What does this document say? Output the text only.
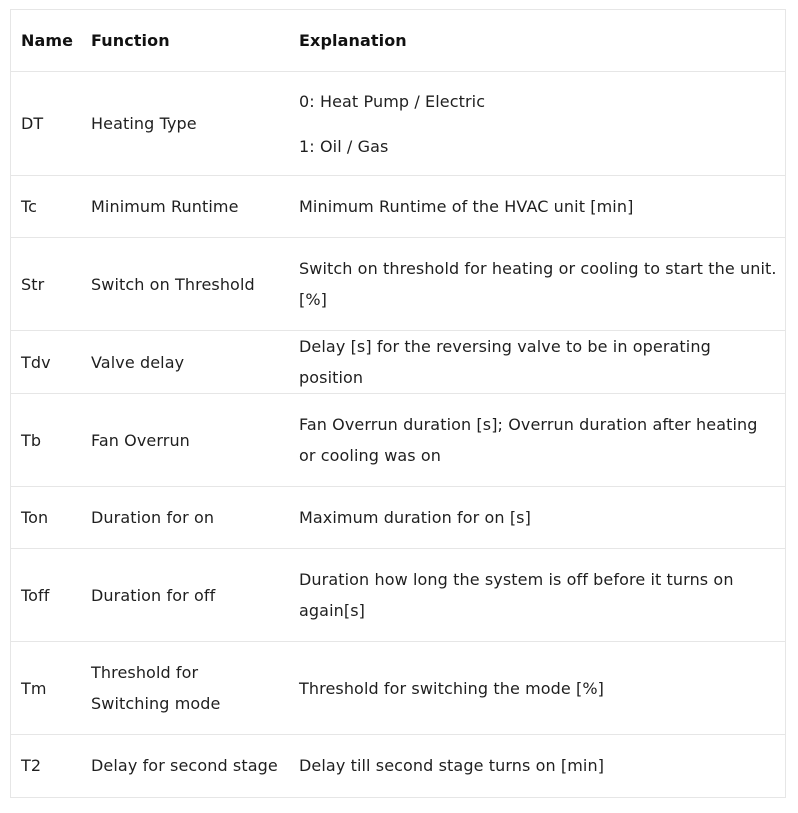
Name	Function	Explanation
DT	Heating Type	0: Heat Pump / Electric
1: Oil / Gas

Tc	Minimum Runtime	Minimum Runtime of the HVAC unit [min]
Str	Switch on Threshold	Switch on threshold for heating or cooling to start the unit. [%]
Tdv	Valve delay	Delay [s] for the reversing valve to be in operating position
Tb	Fan Overrun	Fan Overrun duration [s]; Overrun duration after heating or cooling was on
Ton	Duration for on	Maximum duration for on [s]
Toff	Duration for off	Duration how long the system is off before it turns on again[s]
Tm	Threshold for Switching mode	Threshold for switching the mode [%]
T2	Delay for second stage	Delay till second stage turns on [min]
